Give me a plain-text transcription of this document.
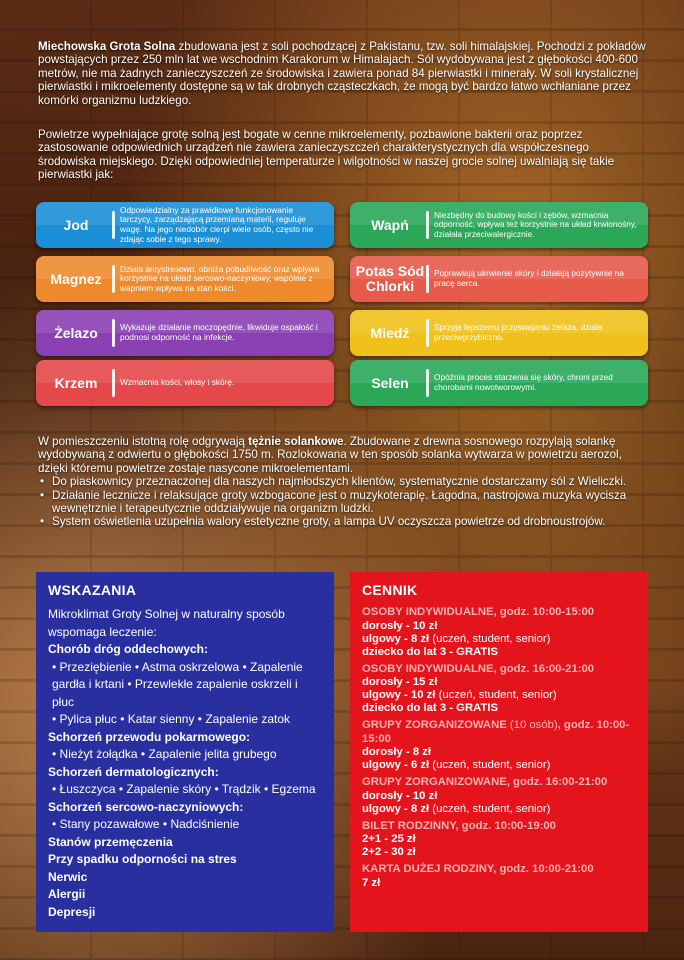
Miechowska Grota Solna zbudowana jest z soli pochodzącej z Pakistanu, tzw. soli himalajskiej. Pochodzi z pokładów powstających przez 250 mln lat we wschodnim Karakorum w Himalajach. Sól wydobywana jest z głębokości 400-600 metrów, nie ma żadnych zanieczyszczeń ze środowiska i zawiera ponad 84 pierwiastki i minerały. W soli krystalicznej pierwiastki i mikroelementy dostępne są w tak drobnych cząsteczkach, że mogą być bardzo łatwo wchłaniane przez komórki organizmu ludzkiego.
Powietrze wypełniające grotę solną jest bogate w cenne mikroelementy, pozbawione bakterii oraz poprzez zastosowanie odpowiednich urządzeń nie zawiera zanieczyszczeń charakterystycznych dla współczesnego środowiska miejskiego. Dzięki odpowiedniej temperaturze i wilgotności w naszej grocie solnej uwalniają się takie pierwiastki jak:
Jod
Odpowiedzialny za prawidłowe funkcjonowanie tarczycy, zarządzającą przemianą materii, reguluje wagę. Na jego niedobór cierpi wiele osób, często nie zdając sobie z tego sprawy.
Magnez
Działa antystresowo, obniża pobudliwość oraz wpływa korzystnie na układ sercowo-naczyniowy, wspólnie z wapniem wpływa na stan kości.
Żelazo	Wykazuje działanie moczopędnie, likwiduje ospałość i podnosi odporność na infekcje.
Krzem	Wzmacnia kości, włosy i skórę.
Wapń
Niezbędny do budowy kości i zębów, wzmacnia odporność, wpływa też korzystnie na układ krwionośny, działała przeciwalergicznie.
Potas Sód Chlorki
Poprawiają ukrwienie skóry i działają pozytywnie na pracę serca.
Miedź	Sprzyja lepszemu przyswajaniu żelaza, działa przeciwgrzybiczno.
Selen	Opóźnia proces starzenia się skóry, chroni przed chorobami nowotworowymi.
W pomieszczeniu istotną rolę odgrywają tężnie solankowe. Zbudowane z drewna sosnowego rozpylają solankę wydobywaną z odwiertu o głębokości 1750 m. Rozlokowana w ten sposób solanka wytwarza w powietrzu aerozol, dzięki któremu powietrze zostaje nasycone mikroelementami.
• Do piaskownicy przeznaczonej dla naszych najmłodszych klientów, systematycznie dostarczamy sól z Wieliczki.
• Działanie lecznicze i relaksujące groty wzbogacone jest o muzykoterapię. Łagodna, nastrojowa muzyka wycisza wewnętrznie i terapeutycznie oddziaływuje na organizm ludzki.
• System oświetlenia uzupełnia walory estetyczne groty, a lampa UV oczyszcza powietrze od drobnoustrojów.
WSKAZANIA
Mikroklimat Groty Solnej w naturalny sposób wspomaga leczenie:
Chorób dróg oddechowych:
• Przeziębienie • Astma oskrzelowa • Zapalenie gardła i krtani • Przewlekłe zapalenie oskrzeli i płuc
• Pylica płuc • Katar sienny • Zapalenie zatok
Schorzeń przewodu pokarmowego:
• Nieżyt żołądka • Zapalenie jelita grubego
Schorzeń dermatologicznych:
• Łuszczyca • Zapalenie skóry • Trądzik • Egzema
Schorzeń sercowo-naczyniowych:
• Stany pozawałowe • Nadciśnienie
Stanów przemęczenia
Przy spadku odporności na stres
Nerwic
Alergii
Depresji
CENNIK
OSOBY INDYWIDUALNE, godz. 10:00-15:00
dorosły - 10 zł
ulgowy - 8 zł (uczeń, student, senior)
dziecko do lat 3 - GRATIS
OSOBY INDYWIDUALNE, godz. 16:00-21:00
dorosły - 15 zł
ulgowy - 10 zł (uczeń, student, senior)
dziecko do lat 3 - GRATIS
GRUPY ZORGANIZOWANE (10 osób), godz. 10:00-15:00
dorosły - 8 zł
ulgowy - 6 zł (uczeń, student, senior)
GRUPY ZORGANIZOWANE, godz. 16:00-21:00
dorosły - 10 zł
ulgowy - 8 zł (uczeń, student, senior)
BILET RODZINNY, godz. 10:00-19:00
2+1 - 25 zł
2+2 - 30 zł
KARTA DUŻEJ RODZINY, godz. 10:00-21:00
7 zł
